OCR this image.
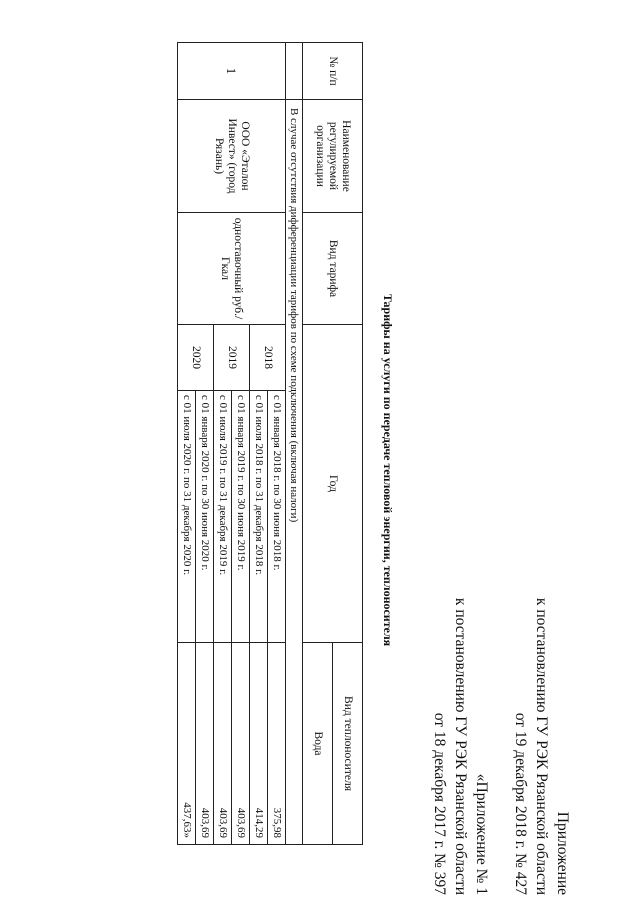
Приложение
к постановлению ГУ РЭК Рязанской области
от 19 декабря 2018 г. № 427
«Приложение № 1
к постановлению ГУ РЭК Рязанской области
от 18 декабря 2017 г. № 397
Тарифы на услуги по передаче тепловой энергии, теплоносителя
№ п/п	Наименование регулируемой организации	Вид тарифа	Год		Вид теплоносителя
					Вода
	В случае отсутствия дифференциации тарифов по схеме подключения (включая налоги)				
1	ООО «Эталон Инвест» (город Рязань)	одноставочный руб./Гкал	2018	с 01 января 2018 г. по 30 июня 2018 г.	375,98
				с 01 июля 2018 г. по 31 декабря 2018 г.	414,29
			2019	с 01 января 2019 г. по 30 июня 2019 г.	403,69
				с 01 июля 2019 г. по 31 декабря 2019 г.	403,69
			2020	с 01 января 2020 г. по 30 июня 2020 г.	403,69
				с 01 июля 2020 г. по 31 декабря 2020 г.	437,63»
